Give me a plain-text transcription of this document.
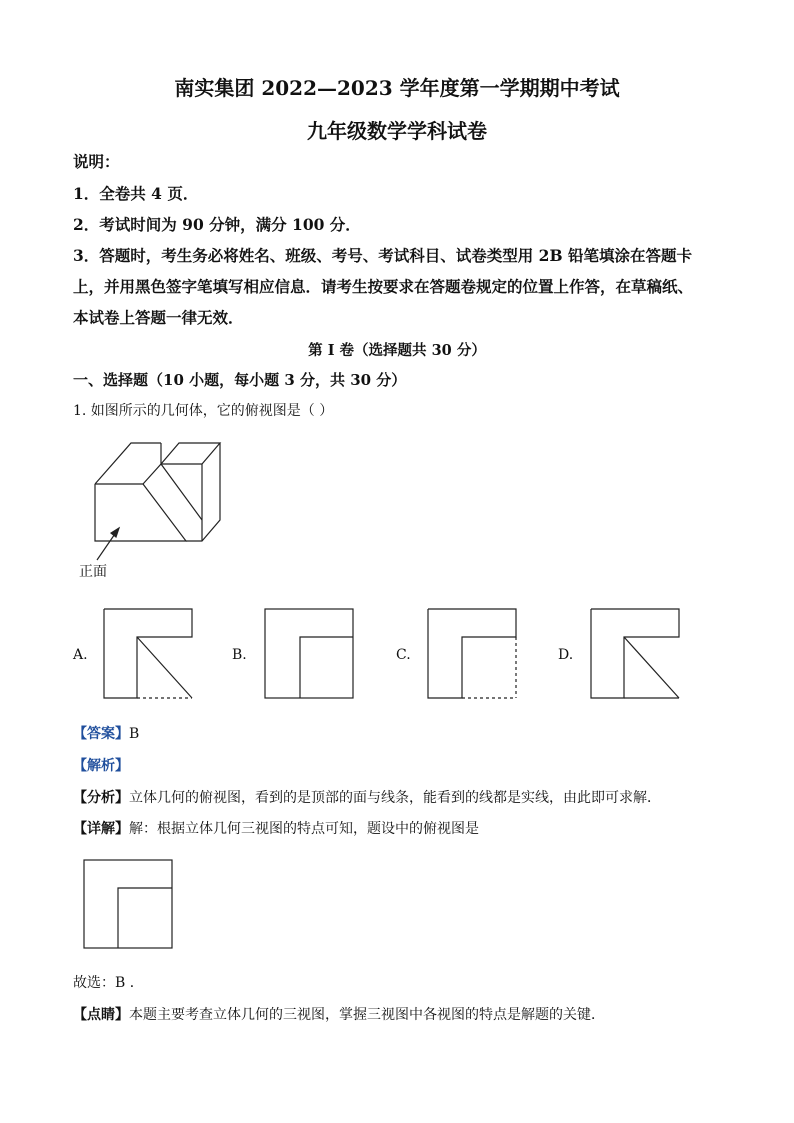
南实集团 2022—2023 学年度第一学期期中考试
九年级数学学科试卷
说明：
1．全卷共 4 页．
2．考试时间为 90 分钟，满分 100 分．
3．答题时，考生务必将姓名、班级、考号、考试科目、试卷类型用 2B 铅笔填涂在答题卡
上，并用黑色签字笔填写相应信息．请考生按要求在答题卷规定的位置上作答，在草稿纸、
本试卷上答题一律无效．
第 I 卷（选择题共 30 分）
一、选择题（10 小题，每小题 3 分，共 30 分）
1. 如图所示的几何体，它的俯视图是（ ）
正面
A.	B.	C.	D.
【答案】B
【解析】
【分析】立体几何的俯视图，看到的是顶部的面与线条，能看到的线都是实线，由此即可求解．
【详解】解：根据立体几何三视图的特点可知，题设中的俯视图是
故选：B ．
【点睛】本题主要考查立体几何的三视图，掌握三视图中各视图的特点是解题的关键．
